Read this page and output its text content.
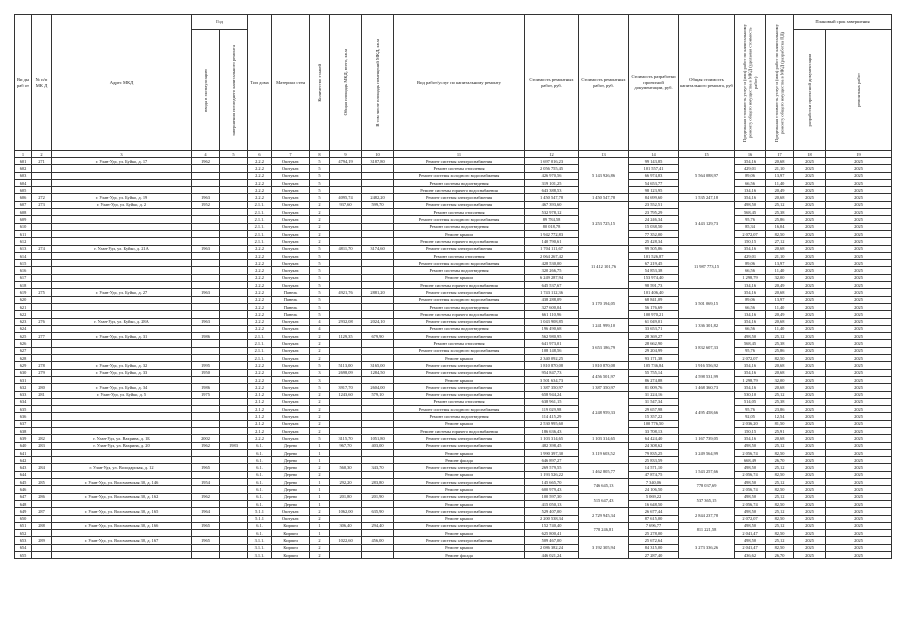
Ви ды раб от	№ п/п МК Д	Адрес МКД	Год		Тип дома	Материал стен	Количество этажей	Общая площадь МКД, всего, кв.м	В том числе площадь помещений МКД, кв.м	Вид работ/услуг по капитальному ремонту	Стоимость ремонтных работ, руб.	Стоимость ремонтных работ, руб.	Стоимость разработки проектной документации, руб.	Общая стоимость капитального ремонта, руб	Предельная стоимость услуг и (или) работ по капитальному ремонту общего имущества в МКД (удельная стоимость работ)	Предельная стоимость услуг и (или) работ по капитальному ремонту общего имущества в МКД (разработка ПД)	Плановый срок завершения	

			ввода в эксплуатацию	завершения последнего капитального ремонта													разработки проектной документации	ремонтных работ

1	2	3	4	5	6	7	8	9	10	11	12	13	14	15	16	17	18	19
601	271	г. Улан-Удэ, ул. Буйко, д. 17	1962		2.2.2	Оштукат.	5	4794,19	3187,80	Ремонт системы электроснабжения	1 697 016,23	5 143 926,86	99 143,85	5 564 088,97	354,16	20,68	2025	2025
602					2.2.2	Оштукат.	5			Ремонт системы отопления	2 056 755,45		101 557,41		429,01	21,10	2025	2025
603					2.2.2	Оштукат.	5			Ремонт системы холодного водоснабжения	426 970,56		66 974,83		89,06	13,97	2025	2025
604					2.2.2	Оштукат.	5			Ремонт системы водоотведения	319 101,25		54 653,77		66,56	11,40	2025	2025
605					2.2.2	Оштукат.	5			Ремонт системы горячего водоснабжения	643 388,53		98 123,95		134,16	20,49	2025	2025
606	272	г. Улан-Удэ, ул. Буйко, д. 19	1963		2.2.2	Оштукат.	5	4095,74	2482,20	Ремонт системы электроснабжения	1 450 547,78	1 450 547,78	84 699,60	1 535 247,18	354,16	20,68	2025	2025
607	273	г. Улан-Удэ, ул. Буйко, д. 2	1952		2.1.1.	Оштукат.	2	937,60	599,70	Ремонт системы электроснабжения	467 393,60	3 253 725,15	23 552,51	3 443 129,73	498,50	25,12	2025	2025
608					2.1.1.	Оштукат.	2			Ремонт системы отопления	532 978,12		23 795,29		568,45	25,38	2025	2025
609					2.1.1.	Оштукат.	2			Ремонт системы холодного водоснабжения	89 784,58		24 246,34		95,76	25,86	2025	2025
610					2.1.1.	Оштукат.	2			Ремонт системы водоотведения	80 018,78		15 038,50		85,34	16,04	2025	2025
611					2.1.1.	Оштукат.	2			Ремонт крыши	1 942 772,83		77 352,00		2 072,07	82,50	2025	2025
612					2.1.1.	Оштукат.	2			Ремонт системы горячего водоснабжения	140 790,61		25 428,34		150,15	27,12	2025	2025
613	274	г. Улан-Удэ, ул. Буйко, д. 21А	1963		2.2.2	Оштукат.	5	4811,70	3174,60	Ремонт системы электроснабжения	1 704 111,67	11 412 101,76	99 505,86	11 987 773,15	354,16	20,68	2025	2025
614					2.2.2	Оштукат.	5			Ремонт системы отопления	2 064 267,42		101 526,87		429,01	21,10	2025	2025
615					2.2.2	Оштукат.	5			Ремонт системы холодного водоснабжения	428 530,00		67 219,45		89,06	13,97	2025	2025
616					2.2.2	Оштукат.	5			Ремонт системы водоотведения	320 266,75		54 853,38		66,56	11,40	2025	2025
617					2.2.2	Оштукат.	5			Ремонт крыши	6 249 287,94		153 974,40		1 298,79	32,00	2025	2025
618					2.2.2	Оштукат.	5			Ремонт системы горячего водоснабжения	645 537,67		98 591,73		134,16	20,49	2025	2025
619	275	г. Улан-Удэ, ул. Буйко, д. 27	1963		2.2.2	Панель	5	4921,76	2881,20	Ремонт системы электроснабжения	1 743 112,36	3 170 194,05	101 406,40	3 501 069,15	354,16	20,68	2025	2025
620					2.2.2	Панель	5			Ремонт системы холодного водоснабжения	438 288,09		68 841,09		89,06	13,97	2025	2025
621					2.2.2	Панель	5			Ремонт системы водоотведения	327 600,04		56 176,69		66,56	11,40	2025	2025
622					2.2.2	Панель	5			Ремонт системы горячего водоснабжения	661 110,96		100 970,21		134,16	20,49	2025	2025
623	276	г. Улан-Удэ, ул. Буйко, д. 28А	1963		2.2.2	Оштукат.	4	2932,08	2024,10	Ремонт системы электроснабжения	1 043 908,85	1 241 999,10	61 049,01	1 336 301,82	354,16	20,68	2025	2025
624					2.2.2	Оштукат.	4			Ремонт системы водоотведения	196 490,68		33 653,71		66,56	11,40	2025	2025
625	277	г. Улан-Удэ, ул. Буйко, д. 31	1986		2.1.1.	Оштукат.	2	1129,35	679,90	Ремонт системы электроснабжения	562 980,95	3 653 186,79	28 369,27	3 832 607,33	498,50	25,12	2025	2025
626					2.1.1.	Оштукат.	2			Ремонт системы отопления	641 973,01		28 662,90		568,45	25,38	2025	2025
627					2.1.1.	Оштукат.	2			Ремонт системы холодного водоснабжения	108 148,56		29 204,99		95,76	25,86	2025	2025
628					2.1.1.	Оштукат.	2			Ремонт крыши	2 340 092,25		93 171,38		2 072,07	82,50	2025	2025
629	278	г. Улан-Удэ, ул. Буйко, д. 32	1995		2.2.2	Оштукат.	5	5113,00	3165,00	Ремонт системы электроснабжения	1 810 870,08	1 810 870,08	105 736,84	1 916 556,92	354,16	20,68	2025	2025
630	279	г. Улан-Удэ, ул. Буйко, д. 33	1950		2.2.2	Оштукат.	3	2698,09	1284,50	Ремонт системы электроснабжения	954 847,73	4 456 501,97	55 755,14	4 598 531,99	354,16	20,68	2025	2025
631					2.2.2	Оштукат.	3			Ремонт крыши	3 501 634,73		86 274,88		1 298,79	32,00	2025	2025
632	280	г. Улан-Удэ, ул. Буйко, д. 34	1986		2.2.2	Оштукат.	5	3917,70	2604,00	Ремонт системы электроснабжения	1 387 350,97	1 387 350,97	81 009,76	1 468 360,73	354,16	20,68	2025	2025
633	281	г. Улан-Удэ, ул. Буйко, д. 5	1975		2.1.2	Оштукат.	2	1243,60	579,10	Ремонт системы электроснабжения	658 944,24	4 248 959,33	31 224,16	4 495 458,66	530,10	25,12	2025	2025
634					2.1.2	Оштукат.	2			Ремонт системы отопления	638 961,15		31 547,34		514,05	25,38	2025	2025
635					2.1.2	Оштукат.	2			Ремонт системы холодного водоснабжения	119 029,98		29 657,98		95,76	23,86	2025	2025
636					2.1.2	Оштукат.	2			Ремонт системы водоотведения	114 415,29		15 357,22		92,05	12,54	2025	2025
637					2.1.2	Оштукат.	2			Ремонт крыши	2 530 995,60		100 776,50		2 036,20	81,50	2025	2025
638					2.1.2	Оштукат.	2			Ремонт системы горячего водоснабжения	186 636,43		33 708,13		150,15	25,91	2025	2025
639	282	г. Улан-Удэ, ул. Вахрина, д. 1Б	2002		2.2.2	Оштукат.	5	3115,70	1051,80	Ремонт системы электроснабжения	1 103 314,65	1 103 314,65	64 424,40	1 167 739,05	354,16	20,68	2025	2025
640	283	г. Улан-Удэ, ул. Вахрина, д. 20	1962	1983	6.1.	Дерево	1	967,70	403,00	Ремонт системы электроснабжения	482 398,45	3 119 603,52	24 308,62	3 249 564,99	498,50	25,12	2025	2025
641					6.1.	Дерево	1			Ремонт крыши	1 990 397,30		79 835,25		2 056,74	82,50	2025	2025
642					6.1.	Дерево	1			Ремонт фасада	646 897,27		25 833,59		668,49	26,70	2025	2025
643	284	г. Улан-Удэ, ул. Володарская, д. 12	1965		6.1.	Дерево	2	560,30	343,70	Ремонт системы электроснабжения	269 579,55	1 462 805,77	14 571,10	1 543 257,66	498,50	25,12	2025	2025
644					6.1.	Дерево	2			Ремонт крыши	1 193 526,22		47 874,75		2 056,74	82,50	2025	2025
645	285	г. Улан-Удэ, ул. Волочаевская 30, д. 146	1954		6.1.	Дерево	1	292,20	283,80	Ремонт системы электроснабжения	145 665,70	746 645,13	7 340,06	778 037,69	498,50	25,12	2025	2025
646					6.1.	Дерево	1			Ремонт крыши	600 979,43		24 106,50		2 056,74	82,50	2025	2025
647	286	г. Улан-Удэ, ул. Волочаевская 30, д. 162	1962		6.1.	Дерево	1	201,80	201,90	Ремонт системы электроснабжения	100 597,30	515 647,43	5 069,22	537 365,15	498,50	25,12	2025	2025
648					6.1.	Дерево	1			Ремонт крыши	415 050,13		16 648,50		2 056,74	82,50	2025	2025
649	287	г. Улан-Удэ, ул. Волочаевская 30, д. 165	1964		5.1.1	Оштукат.	2	1062,00	635,90	Ремонт системы электроснабжения	529 407,00	2 729 945,34	26 677,44	2 844 237,78	498,50	25,12	2025	2025
650					5.1.1	Оштукат.	2			Ремонт крыши	2 200 538,34		87 615,00		2 072,07	82,50	2025	2025
651	288	г. Улан-Удэ, ул. Волочаевская 30, д. 166	1965		6.1.	Кирпич	1	306,40	294,40	Ремонт системы электроснабжения	152 740,40	778 246,81	7 696,77	811 221,58	498,50	25,12	2025	2025
652					6.1.	Кирпич	1			Ремонт крыши	625 800,41		25 278,00		2 041,47	82,50	2025	2025
653	289	г. Улан-Удэ, ул. Волочаевская 30, д. 167	1965		3.1.1.	Кирпич	2	1022,60	456,00	Ремонт системы электроснабжения	509 467,00	3 192 305,94	25 672,64	3 273 336,26	498,50	25,12	2025	2025
654					3.1.1.	Кирпич	2			Ремонт крыши	2 086 382,24		84 315,00		2 041,47	82,50	2025	2025
655					3.1.1.	Кирпич	2			Ремонт фасада	446 021,24		27 287,40		436,62	26,70	2025	2025
